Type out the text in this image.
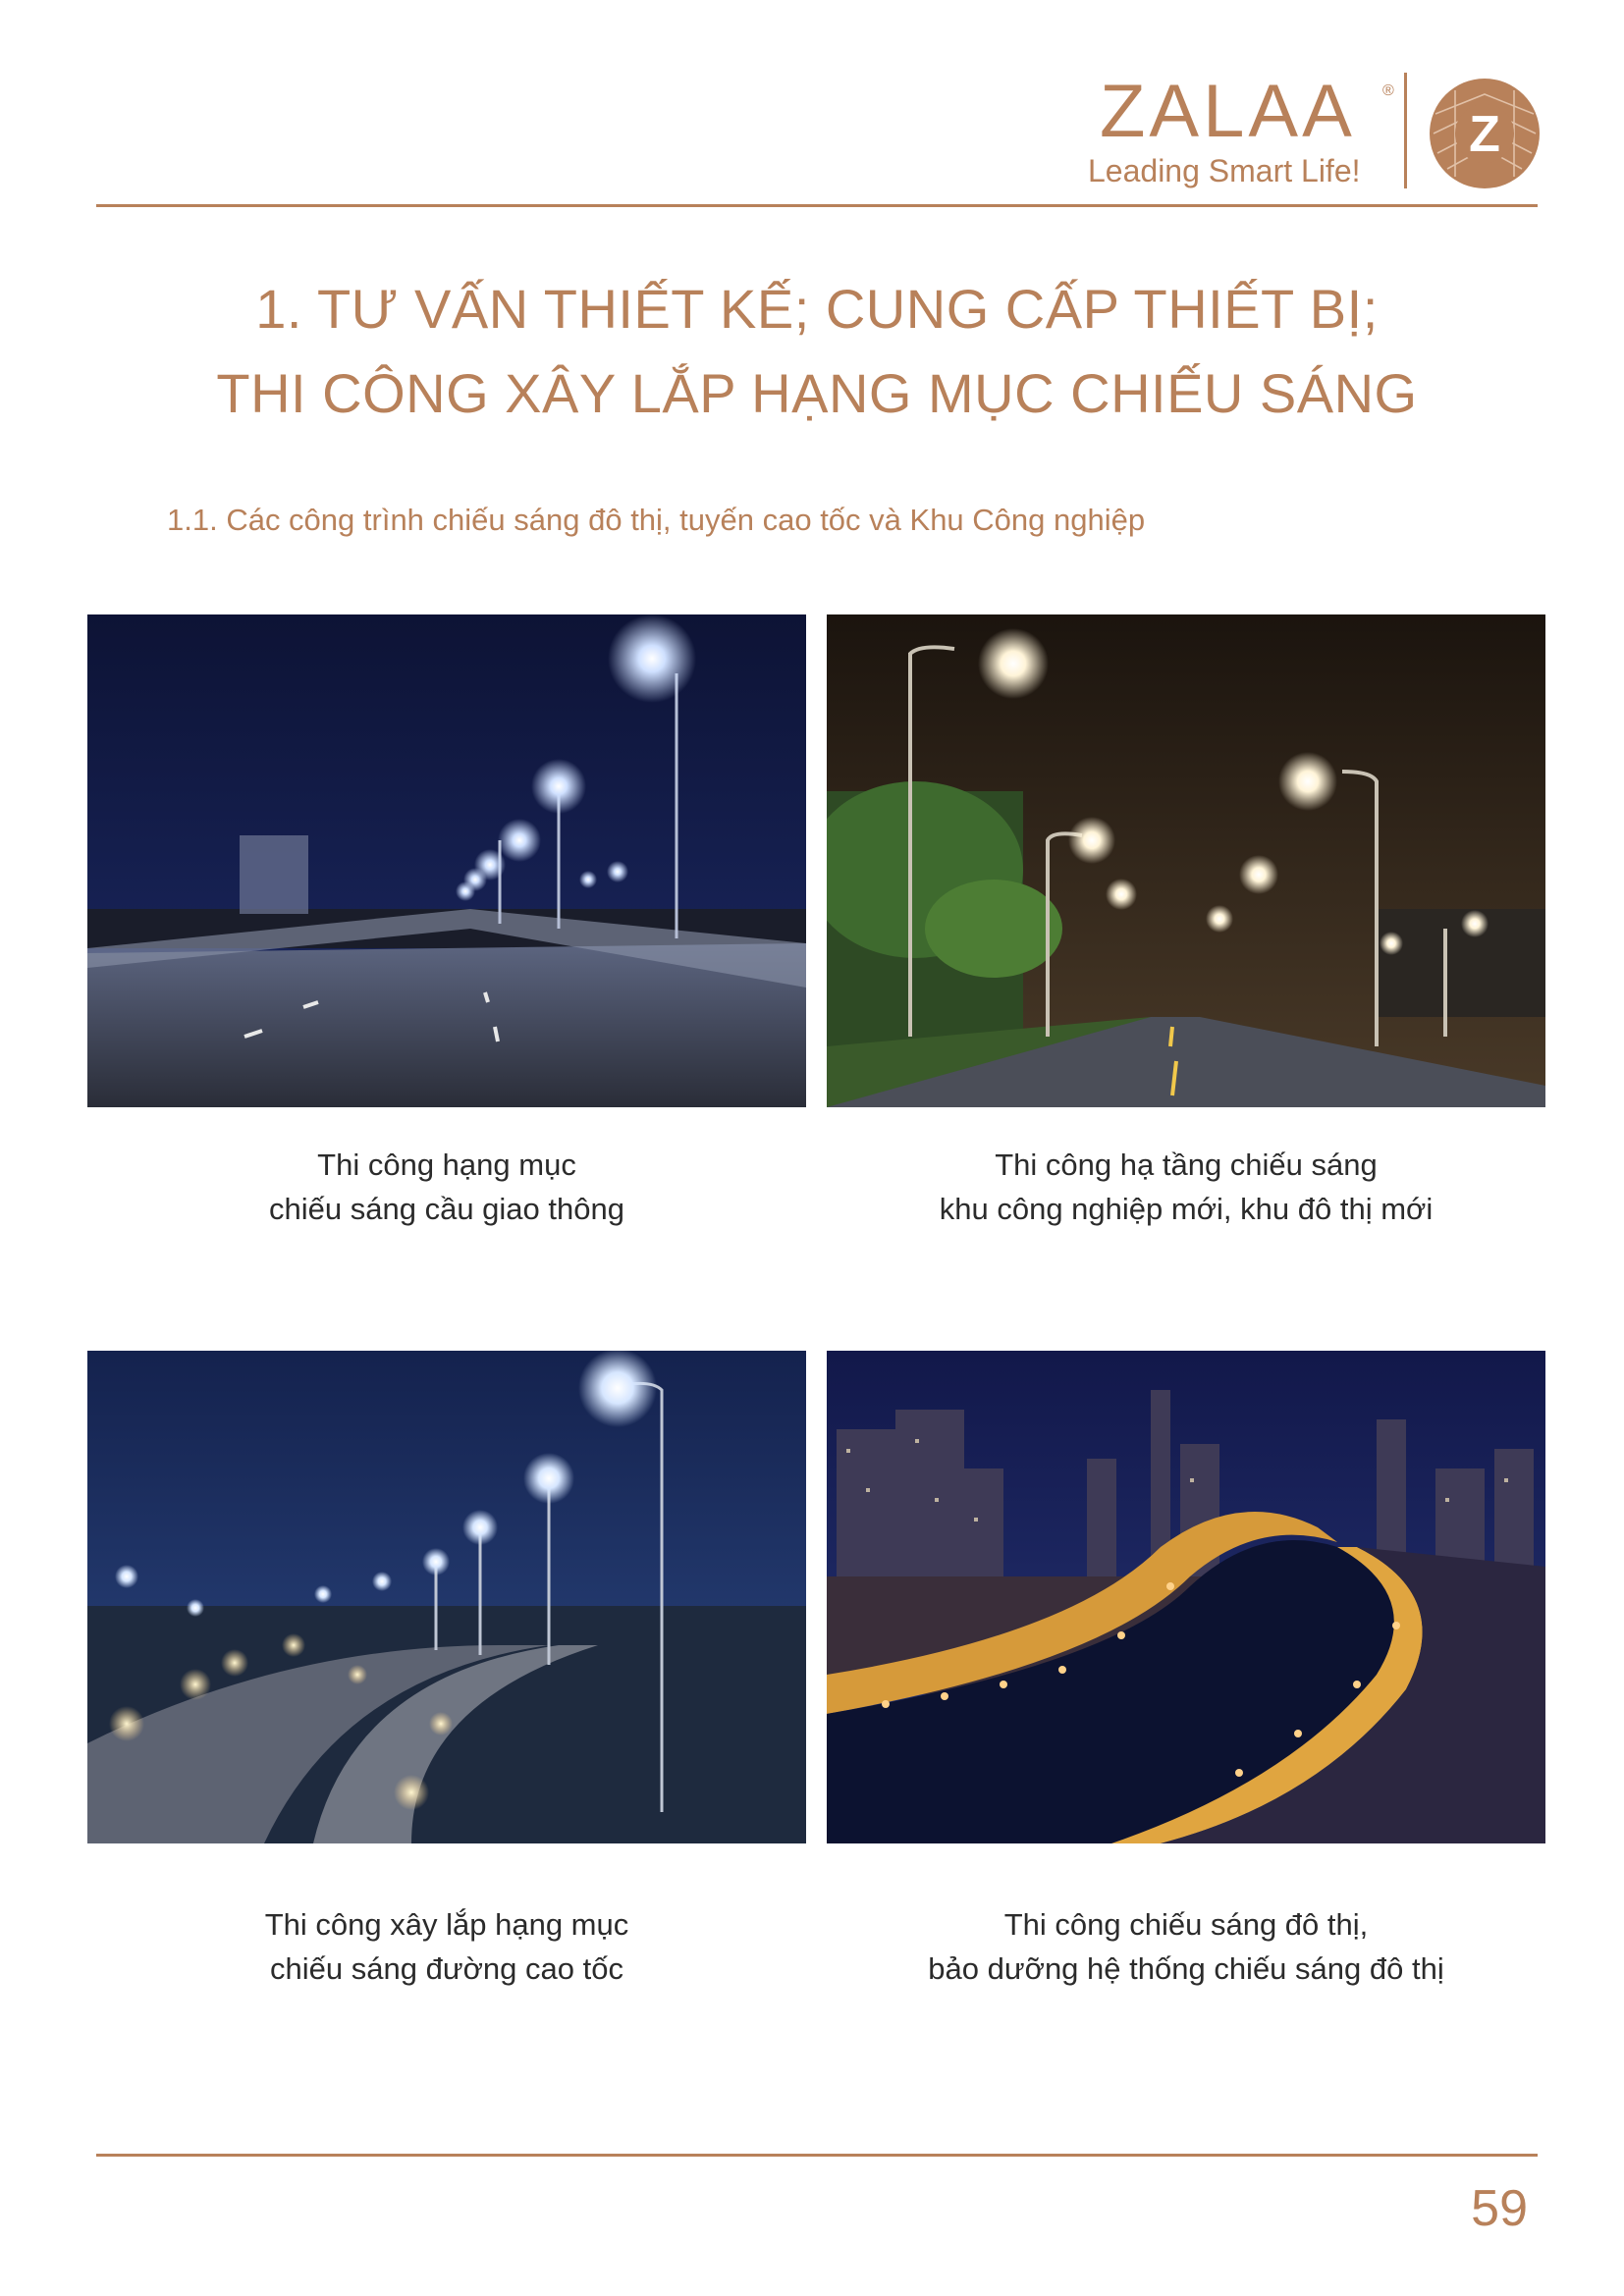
ZALAA ®
Leading Smart Life!
Z
1. TƯ VẤN THIẾT KẾ; CUNG CẤP THIẾT BỊ;
THI CÔNG XÂY LẮP HẠNG MỤC CHIẾU SÁNG
1.1. Các công trình chiếu sáng đô thị, tuyến cao tốc và Khu Công nghiệp
Thi công hạng mục
chiếu sáng cầu giao thông
Thi công hạ tầng chiếu sáng
khu công nghiệp mới, khu đô thị mới
Thi công xây lắp hạng mục
chiếu sáng đường cao tốc
Thi công chiếu sáng đô thị,
bảo dưỡng hệ thống chiếu sáng đô thị
59
